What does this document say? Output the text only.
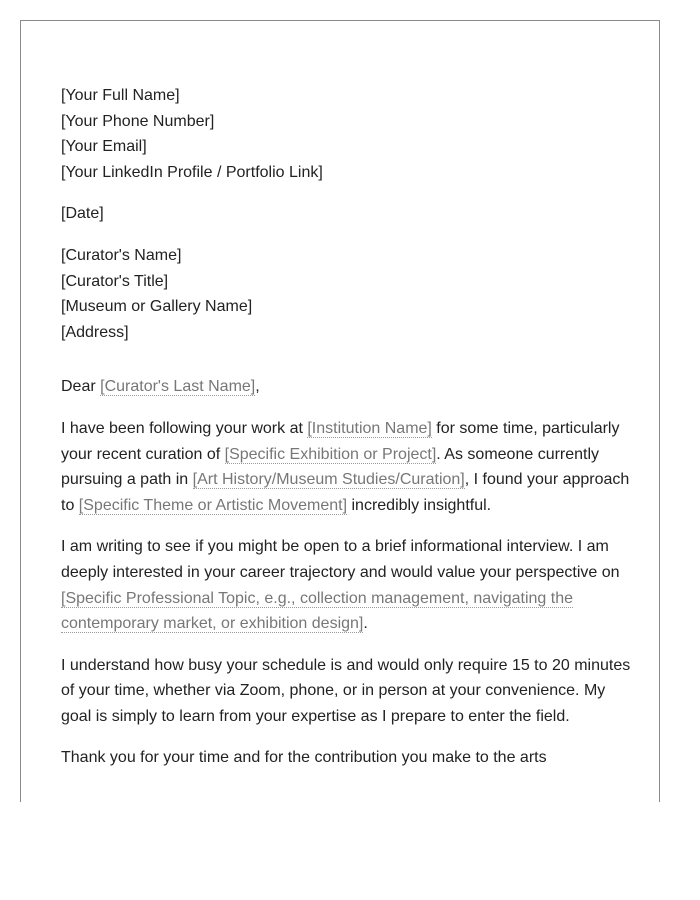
[Your Full Name]
[Your Phone Number]
[Your Email]
[Your LinkedIn Profile / Portfolio Link]
[Date]
[Curator's Name]
[Curator's Title]
[Museum or Gallery Name]
[Address]

Dear [Curator's Last Name],

I have been following your work at [Institution Name] for some time, particularly your recent curation of [Specific Exhibition or Project]. As someone currently pursuing a path in [Art History/Museum Studies/Curation], I found your approach to [Specific Theme or Artistic Movement] incredibly insightful.

I am writing to see if you might be open to a brief informational interview. I am deeply interested in your career trajectory and would value your perspective on [Specific Professional Topic, e.g., collection management, navigating the contemporary market, or exhibition design].

I understand how busy your schedule is and would only require 15 to 20 minutes of your time, whether via Zoom, phone, or in person at your convenience. My goal is simply to learn from your expertise as I prepare to enter the field.

Thank you for your time and for the contribution you make to the arts
